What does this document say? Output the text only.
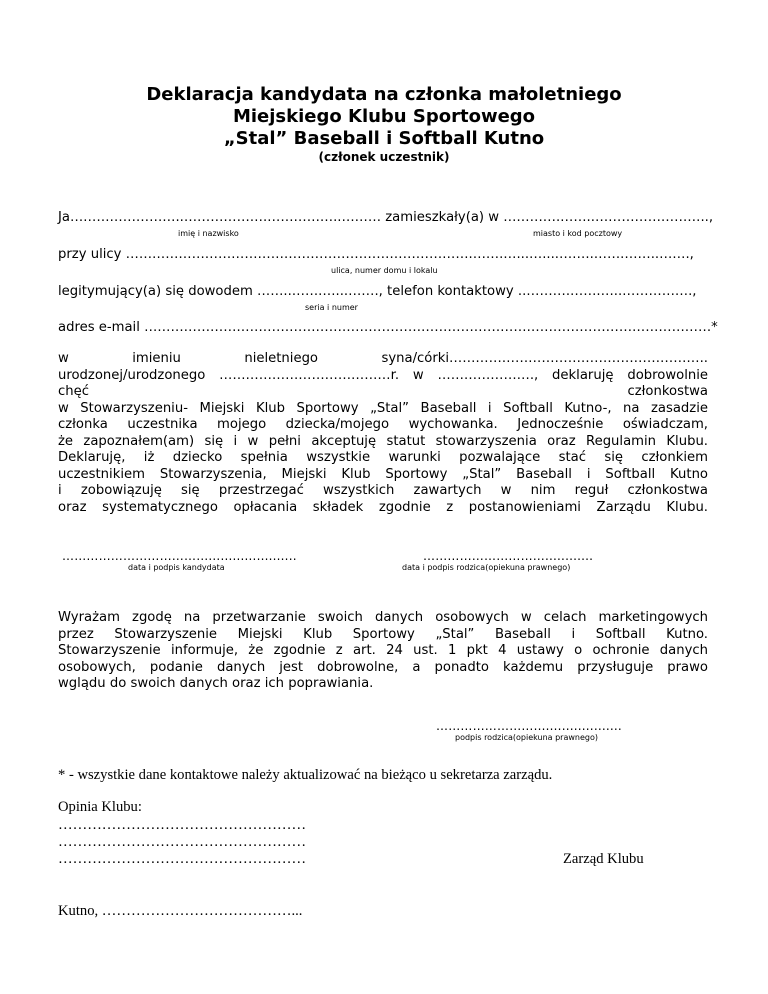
Deklaracja kandydata na członka małoletniego
Miejskiego Klubu Sportowego
„Stal” Baseball i Softball Kutno
(członek uczestnik)
Ja……………………..……………….……………..……… zamieszkały(a) w ………….……..……………………..,
imię i nazwisko	miasto i kod pocztowy
przy ulicy …………………………………………………………………….…….…...…....……..…….……..…….,
ulica, numer domu i lokalu
legitymujący(a) się dowodem ……..…….…...……., telefon kontaktowy ..……….…….…..…………….,
seria i numer
adres e-mail …………………………………………………………………………………………………………………*
w imieniu nieletniego syna/córki…………………………………………………..
urodzonej/urodzonego …………………………………r. w …………………., deklaruję dobrowolnie
chęć członkostwa
w Stowarzyszeniu- Miejski Klub Sportowy „Stal” Baseball i Softball Kutno-, na zasadzie
członka uczestnika mojego dziecka/mojego wychowanka. Jednocześnie oświadczam,
że zapoznałem(am) się i w pełni akceptuję statut stowarzyszenia oraz Regulamin Klubu.
Deklaruję, iż dziecko spełnia wszystkie warunki pozwalające stać się członkiem
uczestnikiem Stowarzyszenia, Miejski Klub Sportowy „Stal” Baseball i Softball Kutno
i zobowiązuję się przestrzegać wszystkich zawartych w nim reguł członkostwa
oraz systematycznego opłacania składek zgodnie z postanowieniami Zarządu Klubu.
………………………………......................
data i podpis kandydata
…………………………............
data i podpis rodzica(opiekuna prawnego)
Wyrażam zgodę na przetwarzanie swoich danych osobowych w celach marketingowych
przez Stowarzyszenie Miejski Klub Sportowy „Stal” Baseball i Softball Kutno.
Stowarzyszenie informuje, że zgodnie z art. 24 ust. 1 pkt 4 ustawy o ochronie danych
osobowych, podanie danych jest dobrowolne, a ponadto każdemu przysługuje prawo
wglądu do swoich danych oraz ich poprawiania.
……………………......................
podpis rodzica(opiekuna prawnego)
* - wszystkie dane kontaktowe należy aktualizować na bieżąco u sekretarza zarządu.
Opinia Klubu:
……………………………………………
……………………………………………
……………………………………………	Zarząd Klubu
Kutno, …………………………………...
